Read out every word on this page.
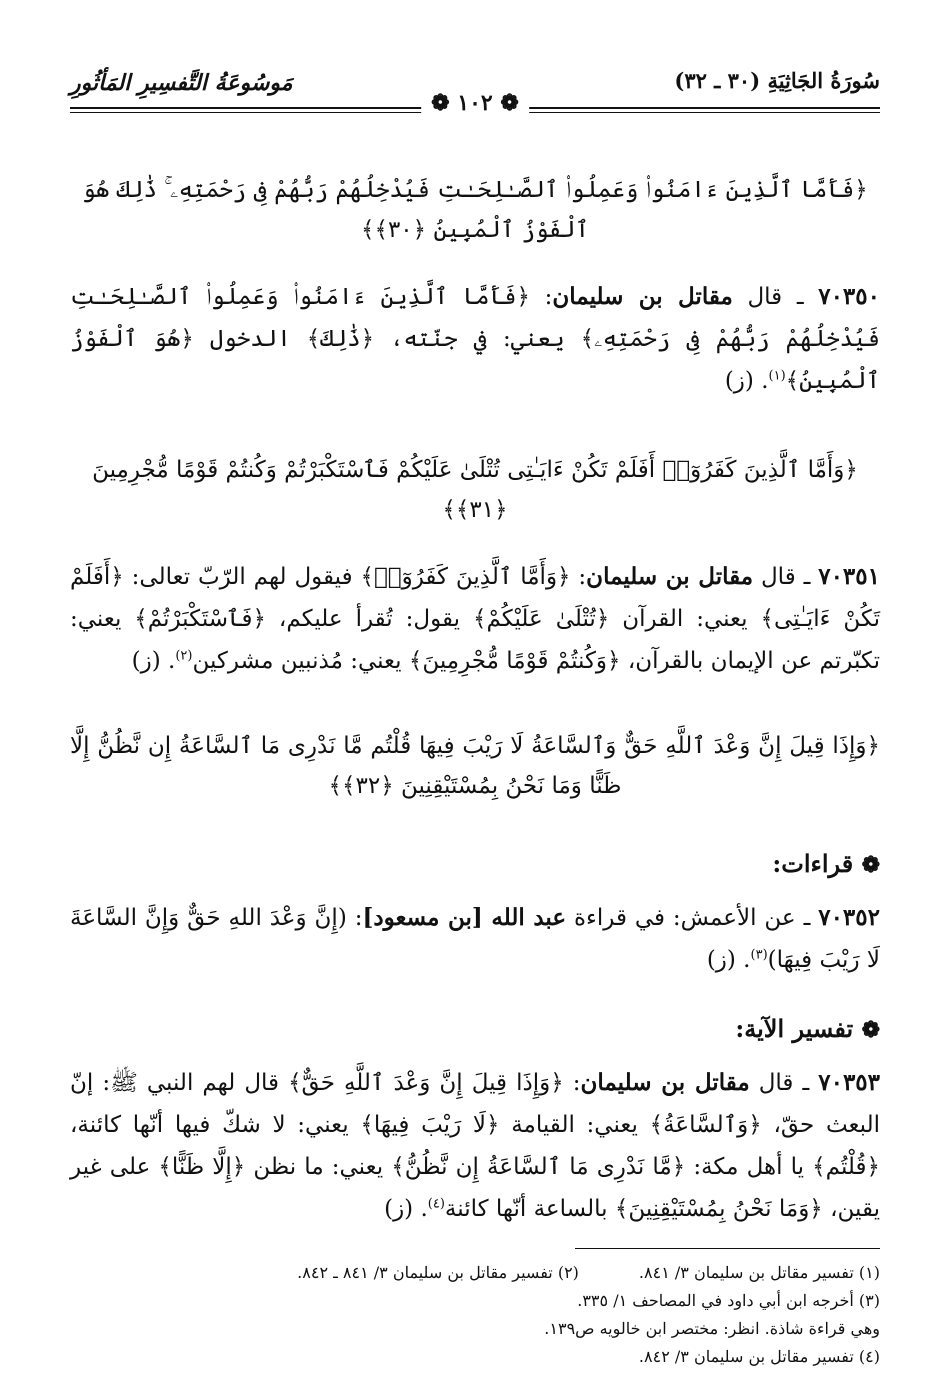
سُورَةُ الجَاثِيَةِ (٣٠ ـ ٣٢)
مَوسُوعَةُ التَّفسِيرِ المَأثُورِ
❁ ١٠٢ ❁

﴿فَأَمَّا ٱلَّذِينَ ءَامَنُوا۟ وَعَمِلُوا۟ ٱلصَّـٰلِحَـٰتِ فَيُدْخِلُهُمْ رَبُّهُمْ فِى رَحْمَتِهِۦ ۚ ذَٰلِكَ هُوَ ٱلْفَوْزُ ٱلْمُبِينُ ﴿٣٠﴾﴾

٧٠٣٥٠ ـ قال مقاتل بن سليمان: ﴿فَأَمَّا ٱلَّذِينَ ءَامَنُوا۟ وَعَمِلُوا۟ ٱلصَّـٰلِحَـٰتِ فَيُدْخِلُهُمْ رَبُّهُمْ فِى رَحْمَتِهِۦ﴾ يعني: في جنّته، ﴿ذَٰلِكَ﴾ الدخول ﴿هُوَ ٱلْفَوْزُ ٱلْمُبِينُ﴾$^{(١)}$. (ز)

﴿وَأَمَّا ٱلَّذِينَ كَفَرُوٓا۟ أَفَلَمْ تَكُنْ ءَايَـٰتِى تُتْلَىٰ عَلَيْكُمْ فَٱسْتَكْبَرْتُمْ وَكُنتُمْ قَوْمًا مُّجْرِمِينَ ﴿٣١﴾﴾

٧٠٣٥١ ـ قال مقاتل بن سليمان: ﴿وَأَمَّا ٱلَّذِينَ كَفَرُوٓا۟﴾ فيقول لهم الرّبّ تعالى: ﴿أَفَلَمْ تَكُنْ ءَايَـٰتِى﴾ يعني: القرآن ﴿تُتْلَىٰ عَلَيْكُمْ﴾ يقول: تُقرأ عليكم، ﴿فَٱسْتَكْبَرْتُمْ﴾ يعني: تكبّرتم عن الإيمان بالقرآن، ﴿وَكُنتُمْ قَوْمًا مُّجْرِمِينَ﴾ يعني: مُذنبين مشركين$^{(٢)}$. (ز)

﴿وَإِذَا قِيلَ إِنَّ وَعْدَ ٱللَّهِ حَقٌّ وَٱلسَّاعَةُ لَا رَيْبَ فِيهَا قُلْتُم مَّا نَدْرِى مَا ٱلسَّاعَةُ إِن نَّظُنُّ إِلَّا ظَنًّا وَمَا نَحْنُ بِمُسْتَيْقِنِينَ ﴿٣٢﴾﴾

❁ قراءات:

٧٠٣٥٢ ـ عن الأعمش: في قراءة عبد الله [بن مسعود]: (إِنَّ وَعْدَ اللهِ حَقٌّ وَإِنَّ السَّاعَةَ لَا رَيْبَ فِيهَا)$^{(٣)}$. (ز)

❁ تفسير الآية:

٧٠٣٥٣ ـ قال مقاتل بن سليمان: ﴿وَإِذَا قِيلَ إِنَّ وَعْدَ ٱللَّهِ حَقٌّ﴾ قال لهم النبي ﷺ: إنّ البعث حقّ، ﴿وَٱلسَّاعَةُ﴾ يعني: القيامة ﴿لَا رَيْبَ فِيهَا﴾ يعني: لا شكّ فيها أنّها كائنة، ﴿قُلْتُم﴾ يا أهل مكة: ﴿مَّا نَدْرِى مَا ٱلسَّاعَةُ إِن نَّظُنُّ﴾ يعني: ما نظن ﴿إِلَّا ظَنًّا﴾ على غير يقين، ﴿وَمَا نَحْنُ بِمُسْتَيْقِنِينَ﴾ بالساعة أنّها كائنة$^{(٤)}$. (ز)

(١) تفسير مقاتل بن سليمان ٣/ ٨٤١.
(٢) تفسير مقاتل بن سليمان ٣/ ٨٤١ ـ ٨٤٢.
(٣) أخرجه ابن أبي داود في المصاحف ١/ ٣٣٥.
وهي قراءة شاذة. انظر: مختصر ابن خالويه ص١٣٩.
(٤) تفسير مقاتل بن سليمان ٣/ ٨٤٢.
